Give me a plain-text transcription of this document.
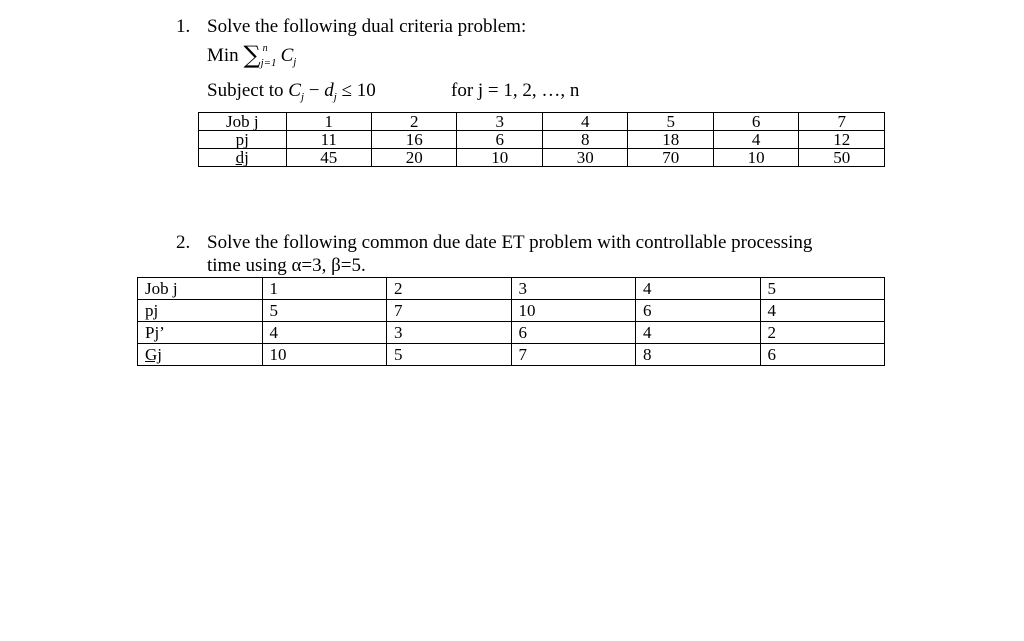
1. Solve the following dual criteria problem:
Min ∑ n
j=1 $C_j$
Subject to $C_j - d_j \le 10$	for j = 1, 2, …, n
Job j	1	2	3	4	5	6	7
pj	11	16	6	8	18	4	12
dj	45	20	10	30	70	10	50
2. Solve the following common due date ET problem with controllable processing
time using α=3, β=5.
Job j	1	2	3	4	5
pj	5	7	10	6	4
Pj’	4	3	6	4	2
Gj	10	5	7	8	6
